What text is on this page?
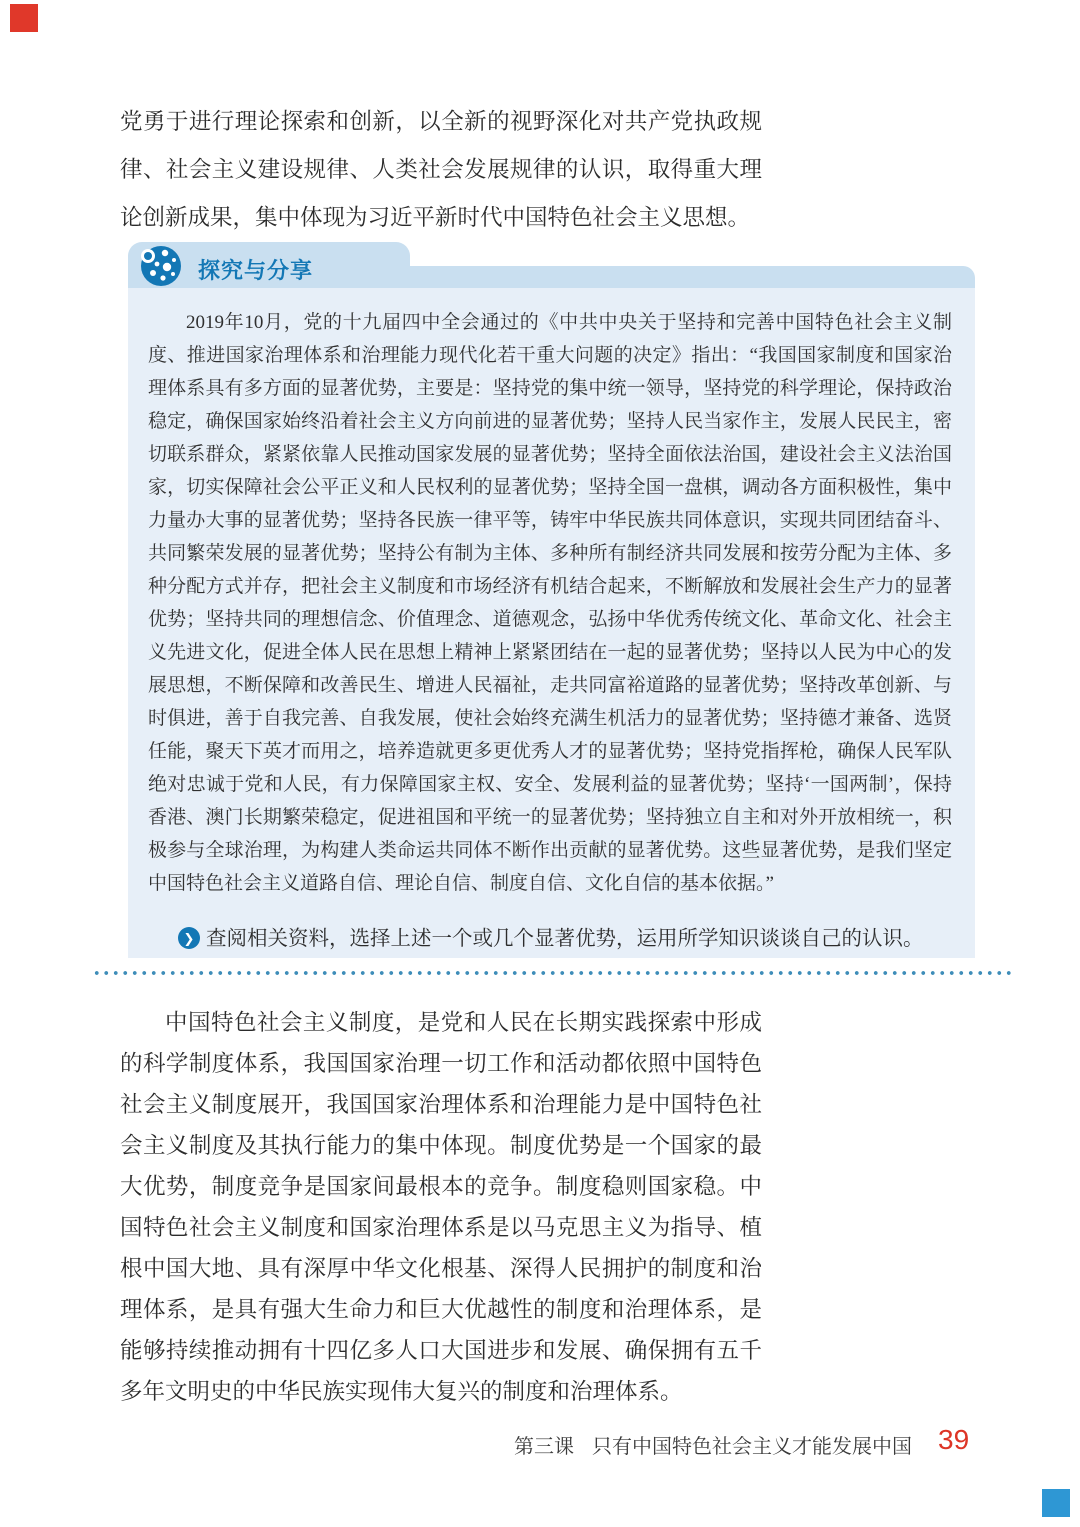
党勇于进行理论探索和创新，以全新的视野深化对共产党执政规律、社会主义建设规律、人类社会发展规律的认识，取得重大理论创新成果，集中体现为习近平新时代中国特色社会主义思想。
探究与分享
2019年10月，党的十九届四中全会通过的《中共中央关于坚持和完善中国特色社会主义制度、推进国家治理体系和治理能力现代化若干重大问题的决定》指出：“我国国家制度和国家治理体系具有多方面的显著优势，主要是：坚持党的集中统一领导，坚持党的科学理论，保持政治稳定，确保国家始终沿着社会主义方向前进的显著优势；坚持人民当家作主，发展人民民主，密切联系群众，紧紧依靠人民推动国家发展的显著优势；坚持全面依法治国，建设社会主义法治国家，切实保障社会公平正义和人民权利的显著优势；坚持全国一盘棋，调动各方面积极性，集中力量办大事的显著优势；坚持各民族一律平等，铸牢中华民族共同体意识，实现共同团结奋斗、共同繁荣发展的显著优势；坚持公有制为主体、多种所有制经济共同发展和按劳分配为主体、多种分配方式并存，把社会主义制度和市场经济有机结合起来，不断解放和发展社会生产力的显著优势；坚持共同的理想信念、价值理念、道德观念，弘扬中华优秀传统文化、革命文化、社会主义先进文化，促进全体人民在思想上精神上紧紧团结在一起的显著优势；坚持以人民为中心的发展思想，不断保障和改善民生、增进人民福祉，走共同富裕道路的显著优势；坚持改革创新、与时俱进，善于自我完善、自我发展，使社会始终充满生机活力的显著优势；坚持德才兼备、选贤任能，聚天下英才而用之，培养造就更多更优秀人才的显著优势；坚持党指挥枪，确保人民军队绝对忠诚于党和人民，有力保障国家主权、安全、发展利益的显著优势；坚持‘一国两制’，保持香港、澳门长期繁荣稳定，促进祖国和平统一的显著优势；坚持独立自主和对外开放相统一，积极参与全球治理，为构建人类命运共同体不断作出贡献的显著优势。这些显著优势，是我们坚定中国特色社会主义道路自信、理论自信、制度自信、文化自信的基本依据。”
❯ 查阅相关资料，选择上述一个或几个显著优势，运用所学知识谈谈自己的认识。
中国特色社会主义制度，是党和人民在长期实践探索中形成的科学制度体系，我国国家治理一切工作和活动都依照中国特色社会主义制度展开，我国国家治理体系和治理能力是中国特色社会主义制度及其执行能力的集中体现。制度优势是一个国家的最大优势，制度竞争是国家间最根本的竞争。制度稳则国家稳。中国特色社会主义制度和国家治理体系是以马克思主义为指导、植根中国大地、具有深厚中华文化根基、深得人民拥护的制度和治理体系，是具有强大生命力和巨大优越性的制度和治理体系，是能够持续推动拥有十四亿多人口大国进步和发展、确保拥有五千多年文明史的中华民族实现伟大复兴的制度和治理体系。
第三课 只有中国特色社会主义才能发展中国 39
